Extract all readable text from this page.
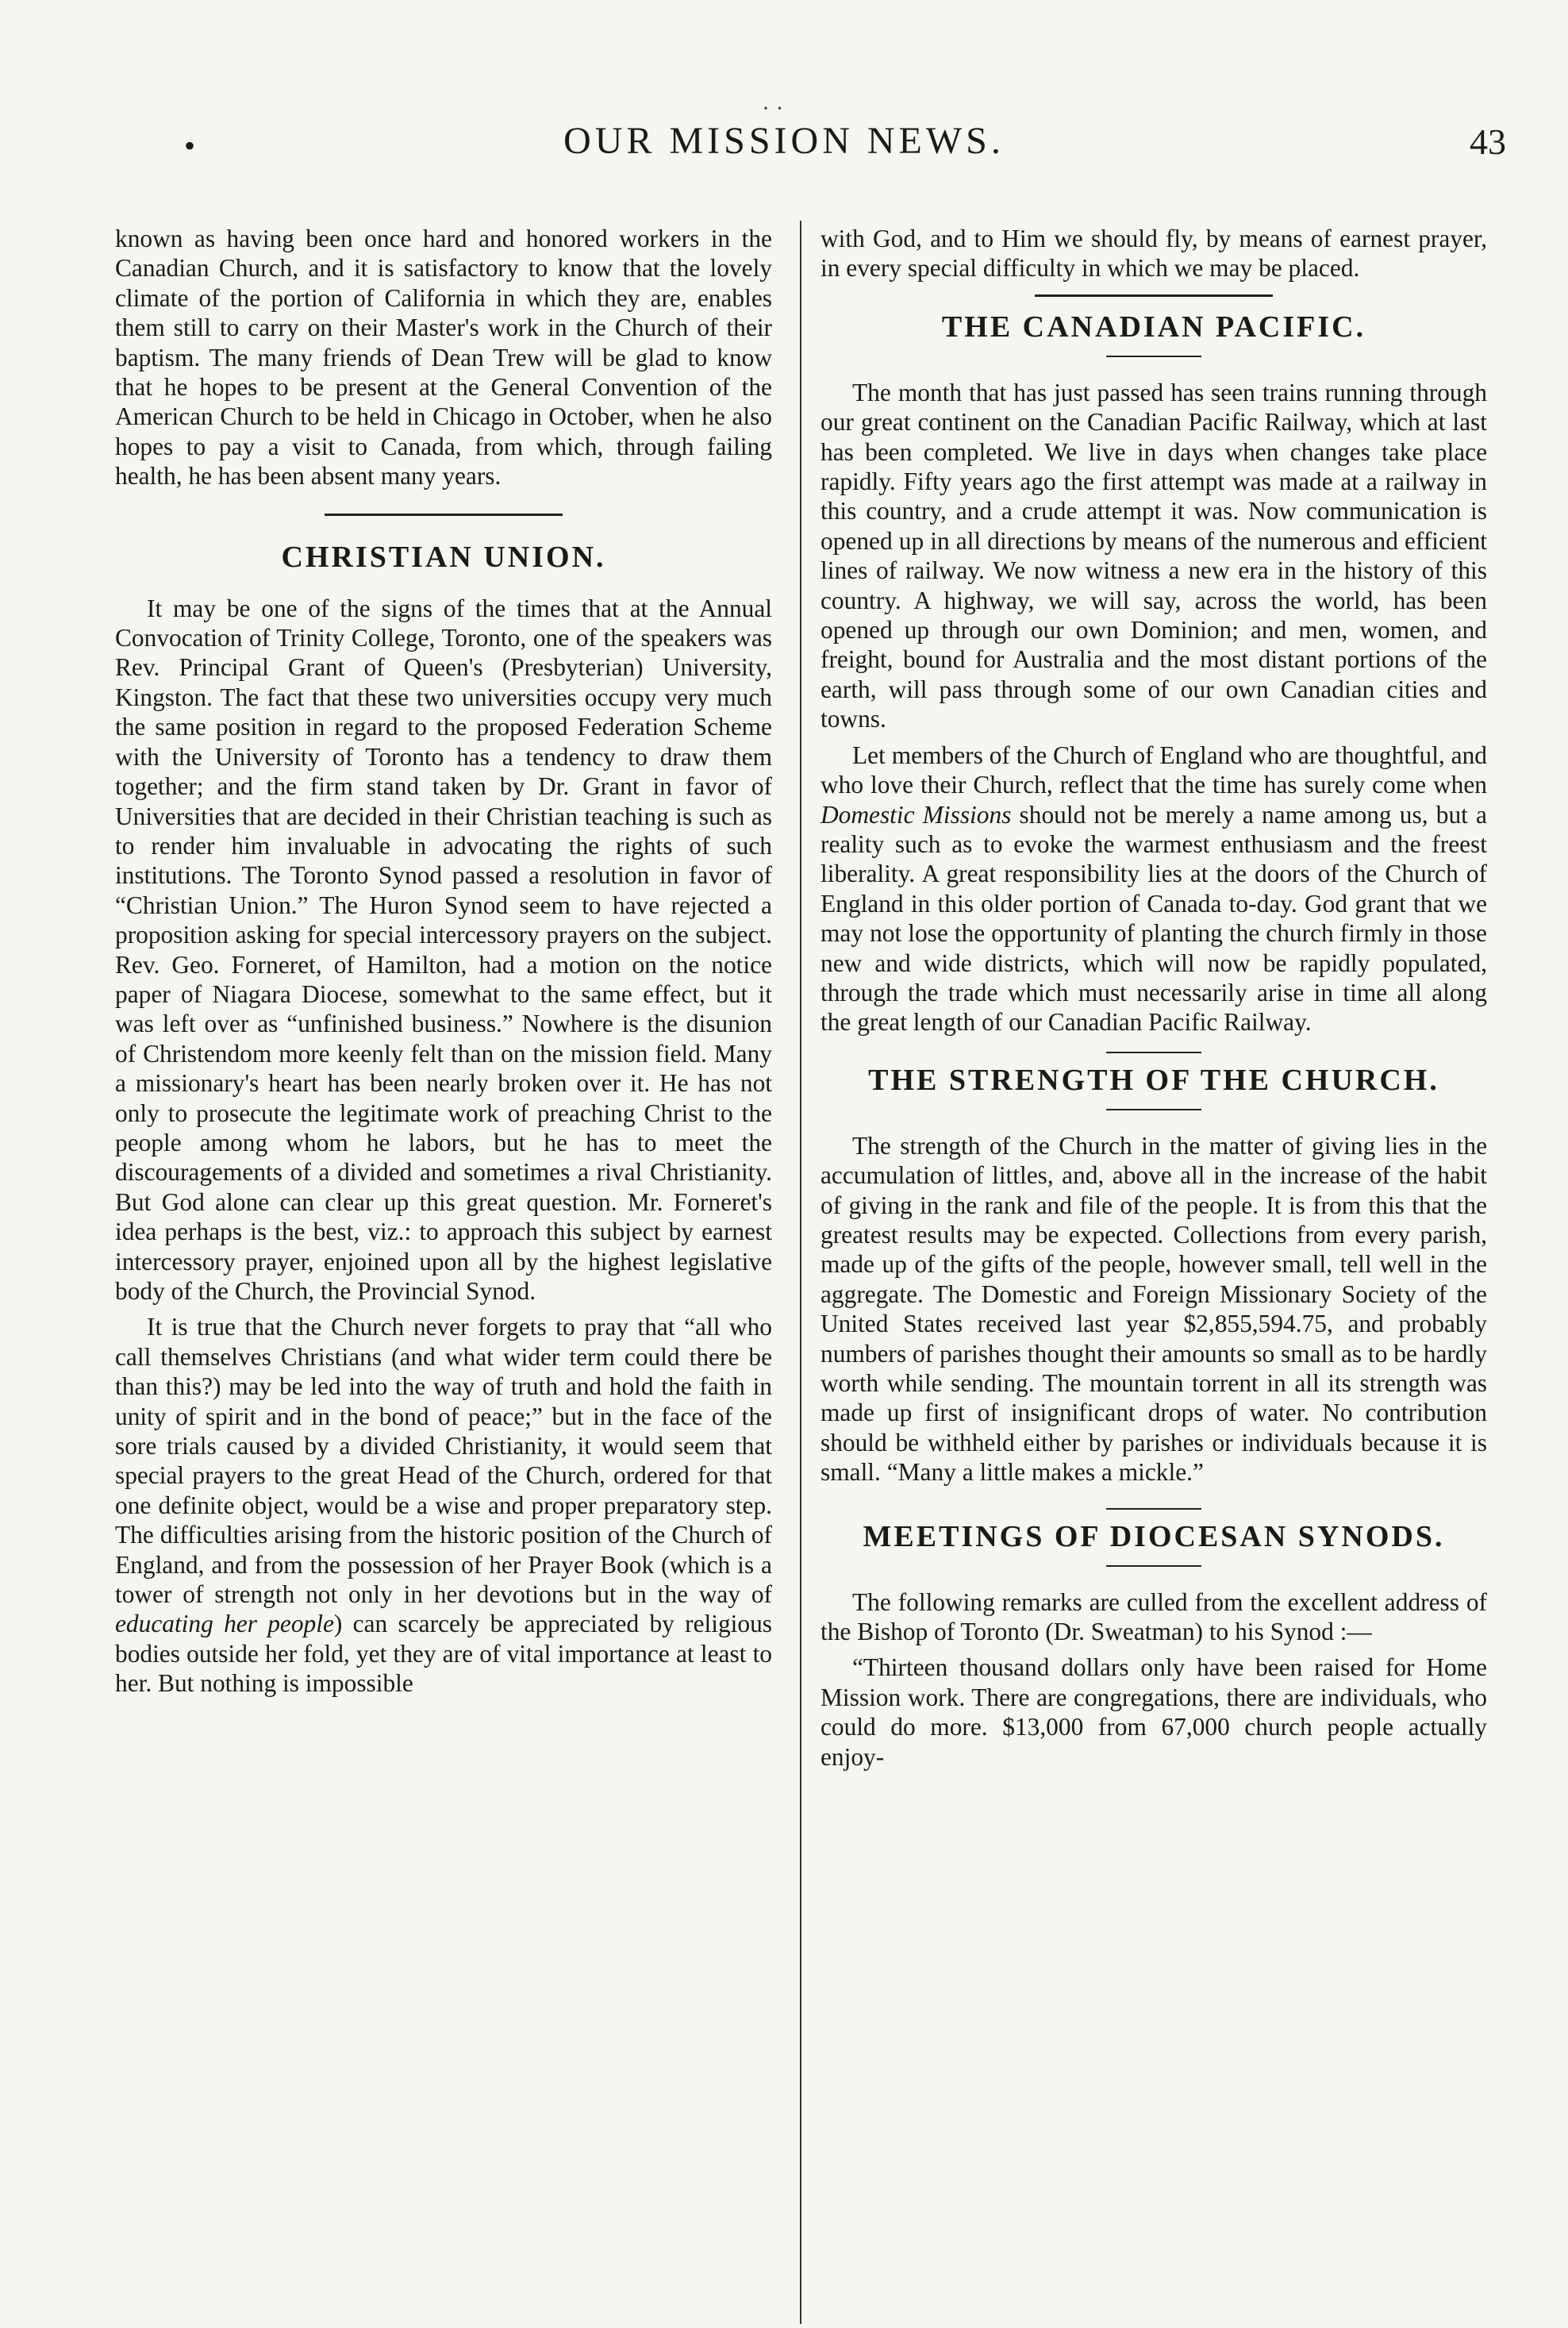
•	OUR MISSION NEWS.	43
· ·

known as having been once hard and honored workers in the Canadian Church, and it is satisfactory to know that the lovely climate of the portion of California in which they are, enables them still to carry on their Master's work in the Church of their baptism. The many friends of Dean Trew will be glad to know that he hopes to be present at the General Convention of the American Church to be held in Chicago in October, when he also hopes to pay a visit to Canada, from which, through failing health, he has been absent many years.

CHRISTIAN UNION.

It may be one of the signs of the times that at the Annual Convocation of Trinity College, Toronto, one of the speakers was Rev. Principal Grant of Queen's (Presbyterian) University, Kingston. The fact that these two universities occupy very much the same position in regard to the proposed Federation Scheme with the University of Toronto has a tendency to draw them together; and the firm stand taken by Dr. Grant in favor of Universities that are decided in their Christian teaching is such as to render him invaluable in advocating the rights of such institutions. The Toronto Synod passed a resolution in favor of “Christian Union.” The Huron Synod seem to have rejected a proposition asking for special intercessory prayers on the subject. Rev. Geo. Forneret, of Hamilton, had a motion on the notice paper of Niagara Diocese, somewhat to the same effect, but it was left over as “unfinished business.” Nowhere is the disunion of Christendom more keenly felt than on the mission field. Many a missionary's heart has been nearly broken over it. He has not only to prosecute the legitimate work of preaching Christ to the people among whom he labors, but he has to meet the discouragements of a divided and sometimes a rival Christianity. But God alone can clear up this great question. Mr. Forneret's idea perhaps is the best, viz.: to approach this subject by earnest intercessory prayer, enjoined upon all by the highest legislative body of the Church, the Provincial Synod.

It is true that the Church never forgets to pray that “all who call themselves Christians (and what wider term could there be than this?) may be led into the way of truth and hold the faith in unity of spirit and in the bond of peace;” but in the face of the sore trials caused by a divided Christianity, it would seem that special prayers to the great Head of the Church, ordered for that one definite object, would be a wise and proper preparatory step. The difficulties arising from the historic position of the Church of England, and from the possession of her Prayer Book (which is a tower of strength not only in her devotions but in the way of educating her people) can scarcely be appreciated by religious bodies outside her fold, yet they are of vital importance at least to her. But nothing is impossible

with God, and to Him we should fly, by means of earnest prayer, in every special difficulty in which we may be placed.

THE CANADIAN PACIFIC.

The month that has just passed has seen trains running through our great continent on the Canadian Pacific Railway, which at last has been completed. We live in days when changes take place rapidly. Fifty years ago the first attempt was made at a railway in this country, and a crude attempt it was. Now communication is opened up in all directions by means of the numerous and efficient lines of railway. We now witness a new era in the history of this country. A highway, we will say, across the world, has been opened up through our own Dominion; and men, women, and freight, bound for Australia and the most distant portions of the earth, will pass through some of our own Canadian cities and towns.

Let members of the Church of England who are thoughtful, and who love their Church, reflect that the time has surely come when Domestic Missions should not be merely a name among us, but a reality such as to evoke the warmest enthusiasm and the freest liberality. A great responsibility lies at the doors of the Church of England in this older portion of Canada to-day. God grant that we may not lose the opportunity of planting the church firmly in those new and wide districts, which will now be rapidly populated, through the trade which must necessarily arise in time all along the great length of our Canadian Pacific Railway.

THE STRENGTH OF THE CHURCH.

The strength of the Church in the matter of giving lies in the accumulation of littles, and, above all in the increase of the habit of giving in the rank and file of the people. It is from this that the greatest results may be expected. Collections from every parish, made up of the gifts of the people, however small, tell well in the aggregate. The Domestic and Foreign Missionary Society of the United States received last year $2,855,594.75, and probably numbers of parishes thought their amounts so small as to be hardly worth while sending. The mountain torrent in all its strength was made up first of insignificant drops of water. No contribution should be withheld either by parishes or individuals because it is small. “Many a little makes a mickle.”

MEETINGS OF DIOCESAN SYNODS.

The following remarks are culled from the excellent address of the Bishop of Toronto (Dr. Sweatman) to his Synod :—

“Thirteen thousand dollars only have been raised for Home Mission work. There are congregations, there are individuals, who could do more. $13,000 from 67,000 church people actually enjoy-
